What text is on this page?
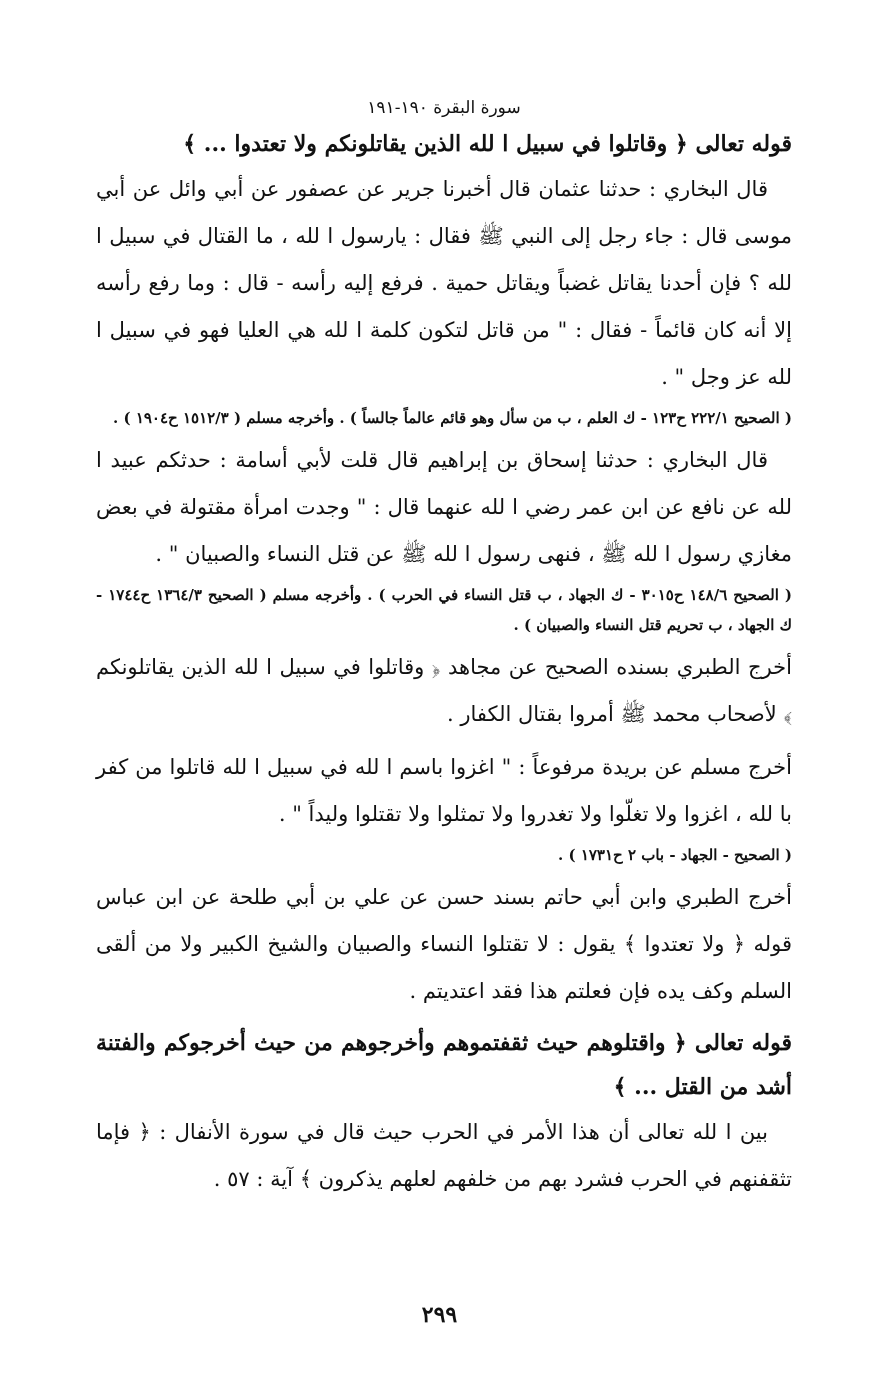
سورة البقرة ١٩٠-١٩١
قوله تعالى ﴿ وقاتلوا في سبيل ا لله الذين يقاتلونكم ولا تعتدوا ... ﴾
قال البخاري : حدثنا عثمان قال أخبرنا جرير عن عصفور عن أبي وائل عن أبي موسى قال : جاء رجل إلى النبي ﷺ فقال : يارسول ا لله ، ما القتال في سبيل ا لله ؟ فإن أحدنا يقاتل غضباً ويقاتل حمية . فرفع إليه رأسه - قال : وما رفع رأسه إلا أنه كان قائماً - فقال : " من قاتل لتكون كلمة ا لله هي العليا فهو في سبيل ا لله عز وجل " .
( الصحيح ٢٢٢/١ ح١٢٣ - ك العلم ، ب من سأل وهو قائم عالماً جالساً ) . وأخرجه مسلم ( ١٥١٢/٣ ح١٩٠٤ ) .
قال البخاري : حدثنا إسحاق بن إبراهيم قال قلت لأبي أسامة : حدثكم عبيد ا لله عن نافع عن ابن عمر رضي ا لله عنهما قال : " وجدت امرأة مقتولة في بعض مغازي رسول ا لله ﷺ ، فنهى رسول ا لله ﷺ عن قتل النساء والصبيان " .
( الصحيح ١٤٨/٦ ح٣٠١٥ - ك الجهاد ، ب قتل النساء في الحرب ) . وأخرجه مسلم ( الصحيح ١٣٦٤/٣ ح١٧٤٤ - ك الجهاد ، ب تحريم قتل النساء والصبيان ) .
أخرج الطبري بسنده الصحيح عن مجاهد ﴿ وقاتلوا في سبيل ا لله الذين يقاتلونكم ﴾ لأصحاب محمد ﷺ أمروا بقتال الكفار .
أخرج مسلم عن بريدة مرفوعاً : " اغزوا باسم ا لله في سبيل ا لله قاتلوا من كفر با لله ، اغزوا ولا تغلّوا ولا تغدروا ولا تمثلوا ولا تقتلوا وليداً " .
( الصحيح - الجهاد - باب ٢ ح١٧٣١ ) .
أخرج الطبري وابن أبي حاتم بسند حسن عن علي بن أبي طلحة عن ابن عباس قوله ﴿ ولا تعتدوا ﴾ يقول : لا تقتلوا النساء والصبيان والشيخ الكبير ولا من ألقى السلم وكف يده فإن فعلتم هذا فقد اعتديتم .
قوله تعالى ﴿ واقتلوهم حيث ثقفتموهم وأخرجوهم من حيث أخرجوكم والفتنة أشد من القتل ... ﴾
بين ا لله تعالى أن هذا الأمر في الحرب حيث قال في سورة الأنفال : ﴿ فإما تثقفنهم في الحرب فشرد بهم من خلفهم لعلهم يذكرون ﴾ آية : ٥٧ .
٢٩٩
